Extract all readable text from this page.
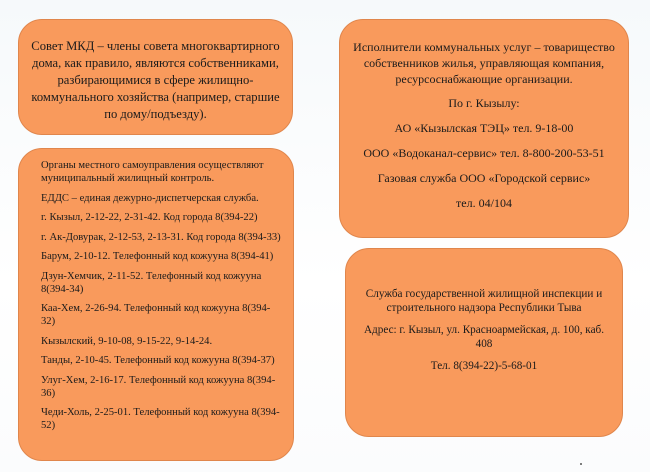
Совет МКД – члены совета многоквартирного дома, как правило, являются собственниками, разбирающимися в сфере жилищно-коммунального хозяйства (например, старшие по дому/подъезду).

Органы местного самоуправления осуществляют муниципальный жилищный контроль.

ЕДДС – единая дежурно-диспетчерская служба.

г. Кызыл, 2-12-22, 2-31-42. Код города 8(394-22)

г. Ак-Довурак, 2-12-53, 2-13-31. Код города 8(394-33)

Барум, 2-10-12. Телефонный код кожууна 8(394-41)

Дзун-Хемчик, 2-11-52. Телефонный код кожууна 8(394-34)

Каа-Хем, 2-26-94. Телефонный код кожууна 8(394-32)

Кызылский, 9-10-08, 9-15-22, 9-14-24.

Танды, 2-10-45. Телефонный код кожууна 8(394-37)

Улуг-Хем, 2-16-17. Телефонный код кожууна 8(394-36)

Чеди-Холь, 2-25-01. Телефонный код кожууна 8(394-52)

Исполнители коммунальных услуг – товарищество собственников жилья, управляющая компания, ресурсоснабжающие организации.

По г. Кызылу:

АО «Кызылская ТЭЦ» тел. 9-18-00

ООО «Водоканал-сервис» тел. 8-800-200-53-51

Газовая служба ООО «Городской сервис»

тел. 04/104

Служба государственной жилищной инспекции и строительного надзора Республики Тыва

Адрес: г. Кызыл, ул. Красноармейская, д. 100, каб. 408

Тел. 8(394-22)-5-68-01
